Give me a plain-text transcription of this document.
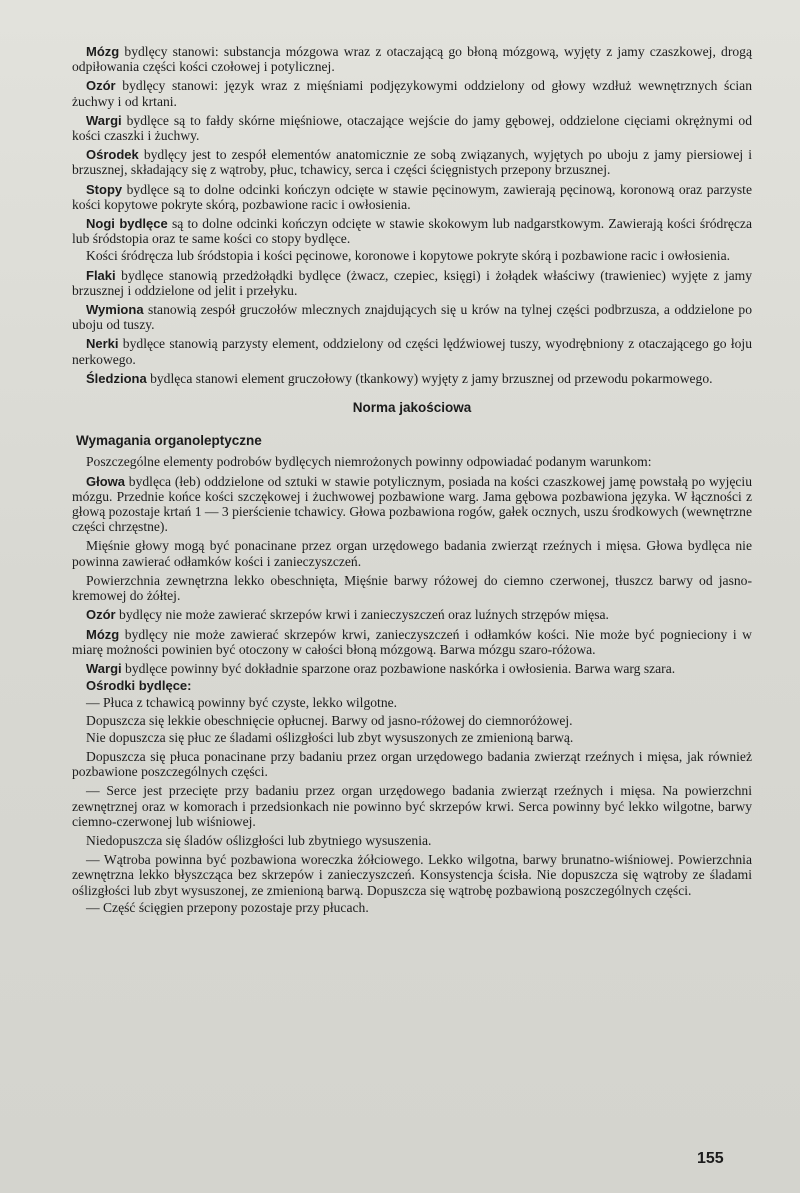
Mózg bydlęcy stanowi: substancja mózgowa wraz z otaczającą go błoną mózgową, wyjęty z jamy czaszkowej, drogą odpiłowania części kości czołowej i potylicznej.

Ozór bydlęcy stanowi: język wraz z mięśniami podjęzykowymi oddzielony od głowy wzdłuż wewnętrznych ścian żuchwy i od krtani.

Wargi bydlęce są to fałdy skórne mięśniowe, otaczające wejście do jamy gębowej, oddzielone cięciami okrężnymi od kości czaszki i żuchwy.

Ośrodek bydlęcy jest to zespół elementów anatomicznie ze sobą związanych, wyjętych po uboju z jamy piersiowej i brzusznej, składający się z wątroby, płuc, tchawicy, serca i części ścięgnistych przepony brzusznej.

Stopy bydlęce są to dolne odcinki kończyn odcięte w stawie pęcinowym, zawierają pęcinową, koronową oraz parzyste kości kopytowe pokryte skórą, pozbawione racic i owłosienia.

Nogi bydlęce są to dolne odcinki kończyn odcięte w stawie skokowym lub nadgarstkowym. Zawierają kości śródręcza lub śródstopia oraz te same kości co stopy bydlęce.

Kości śródręcza lub śródstopia i kości pęcinowe, koronowe i kopytowe pokryte skórą i pozbawione racic i owłosienia.

Flaki bydlęce stanowią przedżołądki bydlęce (żwacz, czepiec, księgi) i żołądek właściwy (trawieniec) wyjęte z jamy brzusznej i oddzielone od jelit i przełyku.

Wymiona stanowią zespół gruczołów mlecznych znajdujących się u krów na tylnej części podbrzusza, a oddzielone po uboju od tuszy.

Nerki bydlęce stanowią parzysty element, oddzielony od części lędźwiowej tuszy, wyodrębniony z otaczającego go łoju nerkowego.

Śledziona bydlęca stanowi element gruczołowy (tkankowy) wyjęty z jamy brzusznej od przewodu pokarmowego.

Norma jakościowa
Wymagania organoleptyczne

Poszczególne elementy podrobów bydlęcych niemrożonych powinny odpowiadać podanym warunkom:

Głowa bydlęca (łeb) oddzielone od sztuki w stawie potylicznym, posiada na kości czaszkowej jamę powstałą po wyjęciu mózgu. Przednie końce kości szczękowej i żuchwowej pozbawione warg. Jama gębowa pozbawiona języka. W łączności z głową pozostaje krtań 1 — 3 pierścienie tchawicy. Głowa pozbawiona rogów, gałek ocznych, uszu środkowych (wewnętrzne części chrzęstne).

Mięśnie głowy mogą być ponacinane przez organ urzędowego badania zwierząt rzeźnych i mięsa. Głowa bydlęca nie powinna zawierać odłamków kości i zanieczyszczeń.

Powierzchnia zewnętrzna lekko obeschnięta, Mięśnie barwy różowej do ciemno czerwonej, tłuszcz barwy od jasno-kremowej do żółtej.

Ozór bydlęcy nie może zawierać skrzepów krwi i zanieczyszczeń oraz luźnych strzępów mięsa.

Mózg bydlęcy nie może zawierać skrzepów krwi, zanieczyszczeń i odłamków kości. Nie może być pognieciony i w miarę możności powinien być otoczony w całości błoną mózgową. Barwa mózgu szaro-różowa.

Wargi bydlęce powinny być dokładnie sparzone oraz pozbawione naskórka i owłosienia. Barwa warg szara.

Ośrodki bydlęce:

— Płuca z tchawicą powinny być czyste, lekko wilgotne.

Dopuszcza się lekkie obeschnięcie opłucnej. Barwy od jasno-różowej do ciemnoróżowej.

Nie dopuszcza się płuc ze śladami oślizgłości lub zbyt wysuszonych ze zmienioną barwą.

Dopuszcza się płuca ponacinane przy badaniu przez organ urzędowego badania zwierząt rzeźnych i mięsa, jak również pozbawione poszczególnych części.

— Serce jest przecięte przy badaniu przez organ urzędowego badania zwierząt rzeźnych i mięsa. Na powierzchni zewnętrznej oraz w komorach i przedsionkach nie powinno być skrzepów krwi. Serca powinny być lekko wilgotne, barwy ciemno-czerwonej lub wiśniowej.

Niedopuszcza się śladów oślizgłości lub zbytniego wysuszenia.

— Wątroba powinna być pozbawiona woreczka żółciowego. Lekko wilgotna, barwy brunatno-wiśniowej. Powierzchnia zewnętrzna lekko błyszcząca bez skrzepów i zanieczyszczeń. Konsystencja ścisła. Nie dopuszcza się wątroby ze śladami oślizgłości lub zbyt wysuszonej, ze zmienioną barwą. Dopuszcza się wątrobę pozbawioną poszczególnych części.

— Część ścięgien przepony pozostaje przy płucach.

155
